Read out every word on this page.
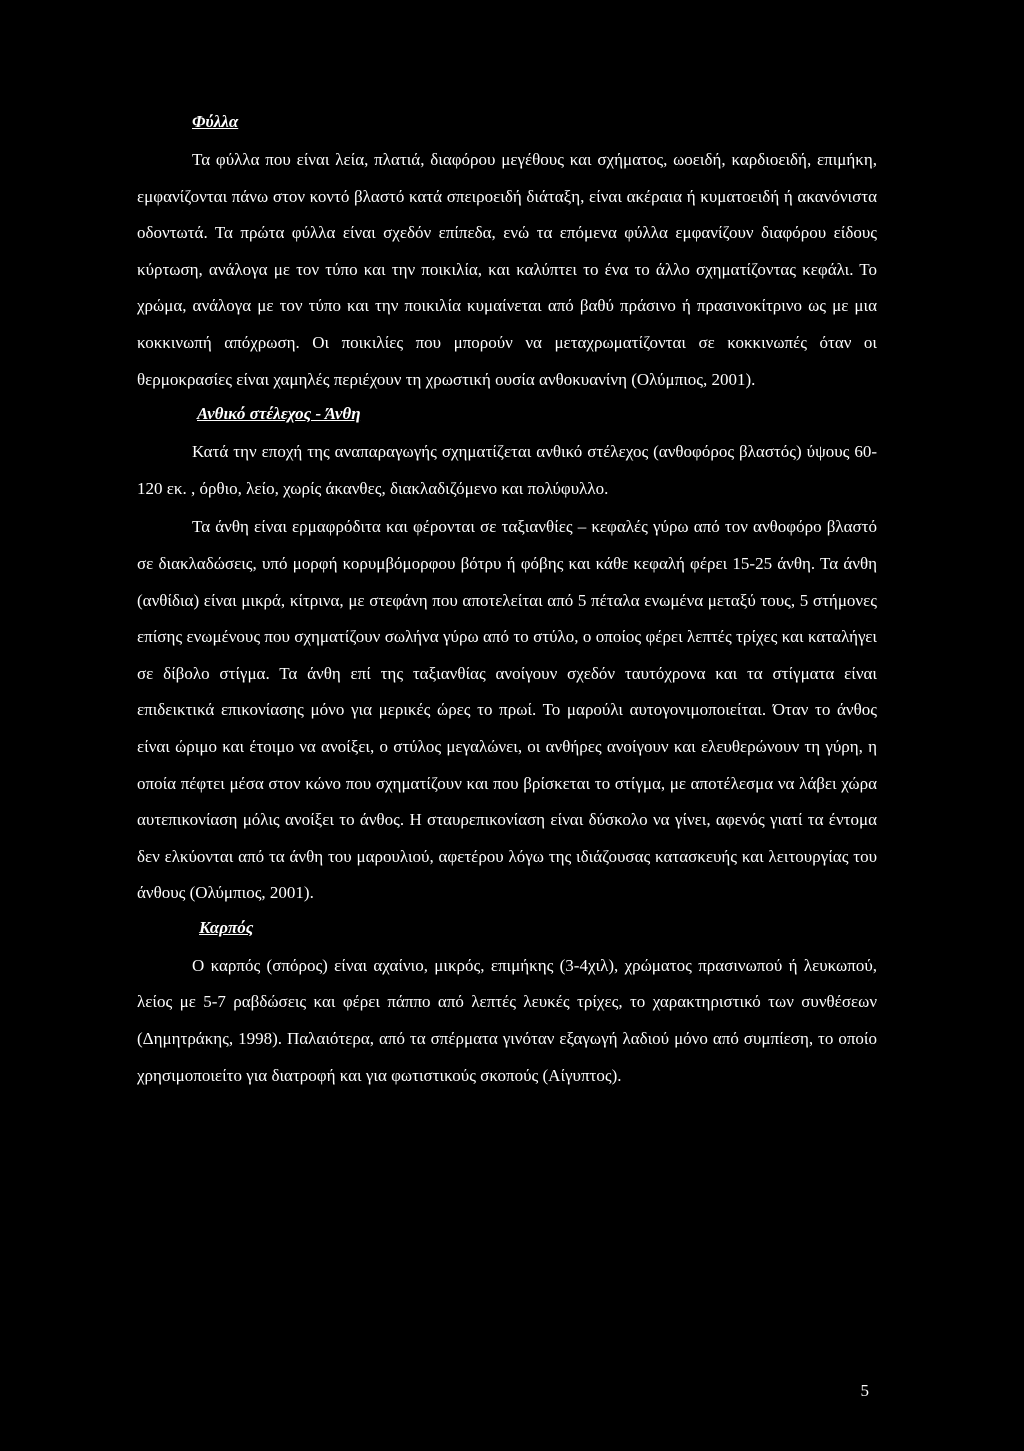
Φύλλα

Τα φύλλα που είναι λεία, πλατιά, διαφόρου μεγέθους και σχήματος, ωοειδή, καρδιοειδή, επιμήκη, εμφανίζονται πάνω στον κοντό βλαστό κατά σπειροειδή διάταξη, είναι ακέραια ή κυματοειδή ή ακανόνιστα οδοντωτά. Τα πρώτα φύλλα είναι σχεδόν επίπεδα, ενώ τα επόμενα φύλλα εμφανίζουν διαφόρου είδους κύρτωση, ανάλογα με τον τύπο και την ποικιλία, και καλύπτει το ένα το άλλο σχηματίζοντας κεφάλι. Το χρώμα, ανάλογα με τον τύπο και την ποικιλία κυμαίνεται από βαθύ πράσινο ή πρασινοκίτρινο ως με μια κοκκινωπή απόχρωση. Οι ποικιλίες που μπορούν να μεταχρωματίζονται σε κοκκινωπές όταν οι θερμοκρασίες είναι χαμηλές περιέχουν τη χρωστική ουσία ανθοκυανίνη (Ολύμπιος, 2001).

Ανθικό στέλεχος - Άνθη

Κατά την εποχή της αναπαραγωγής σχηματίζεται ανθικό στέλεχος (ανθοφόρος βλαστός) ύψους 60- 120 εκ. , όρθιο, λείο, χωρίς άκανθες, διακλαδιζόμενο και πολύφυλλο.

Τα άνθη είναι ερμαφρόδιτα και φέρονται σε ταξιανθίες – κεφαλές γύρω από τον ανθοφόρο βλαστό σε διακλαδώσεις, υπό μορφή κορυμβόμορφου βότρυ ή φόβης και κάθε κεφαλή φέρει 15-25 άνθη. Τα άνθη (ανθίδια) είναι μικρά, κίτρινα, με στεφάνη που αποτελείται από 5 πέταλα ενωμένα μεταξύ τους, 5 στήμονες επίσης ενωμένους που σχηματίζουν σωλήνα γύρω από το στύλο, ο οποίος φέρει λεπτές τρίχες και καταλήγει σε δίβολο στίγμα. Τα άνθη επί της ταξιανθίας ανοίγουν σχεδόν ταυτόχρονα και τα στίγματα είναι επιδεικτικά επικονίασης μόνο για μερικές ώρες το πρωί. Το μαρούλι αυτογονιμοποιείται. Όταν το άνθος είναι ώριμο και έτοιμο να ανοίξει, ο στύλος μεγαλώνει, οι ανθήρες ανοίγουν και ελευθερώνουν τη γύρη, η οποία πέφτει μέσα στον κώνο που σχηματίζουν και που βρίσκεται το στίγμα, με αποτέλεσμα να λάβει χώρα αυτεπικονίαση μόλις ανοίξει το άνθος. Η σταυρεπικονίαση είναι δύσκολο να γίνει, αφενός γιατί τα έντομα δεν ελκύονται από τα άνθη του μαρουλιού, αφετέρου λόγω της ιδιάζουσας κατασκευής και λειτουργίας του άνθους (Ολύμπιος, 2001).

Καρπός

Ο καρπός (σπόρος) είναι αχαίνιο, μικρός, επιμήκης (3-4χιλ), χρώματος πρασινωπού ή λευκωπού, λείος με 5-7 ραβδώσεις και φέρει πάππο από λεπτές λευκές τρίχες, το χαρακτηριστικό των συνθέσεων (Δημητράκης, 1998). Παλαιότερα, από τα σπέρματα γινόταν εξαγωγή λαδιού μόνο από συμπίεση, το οποίο χρησιμοποιείτο για διατροφή και για φωτιστικούς σκοπούς (Αίγυπτος).

5
